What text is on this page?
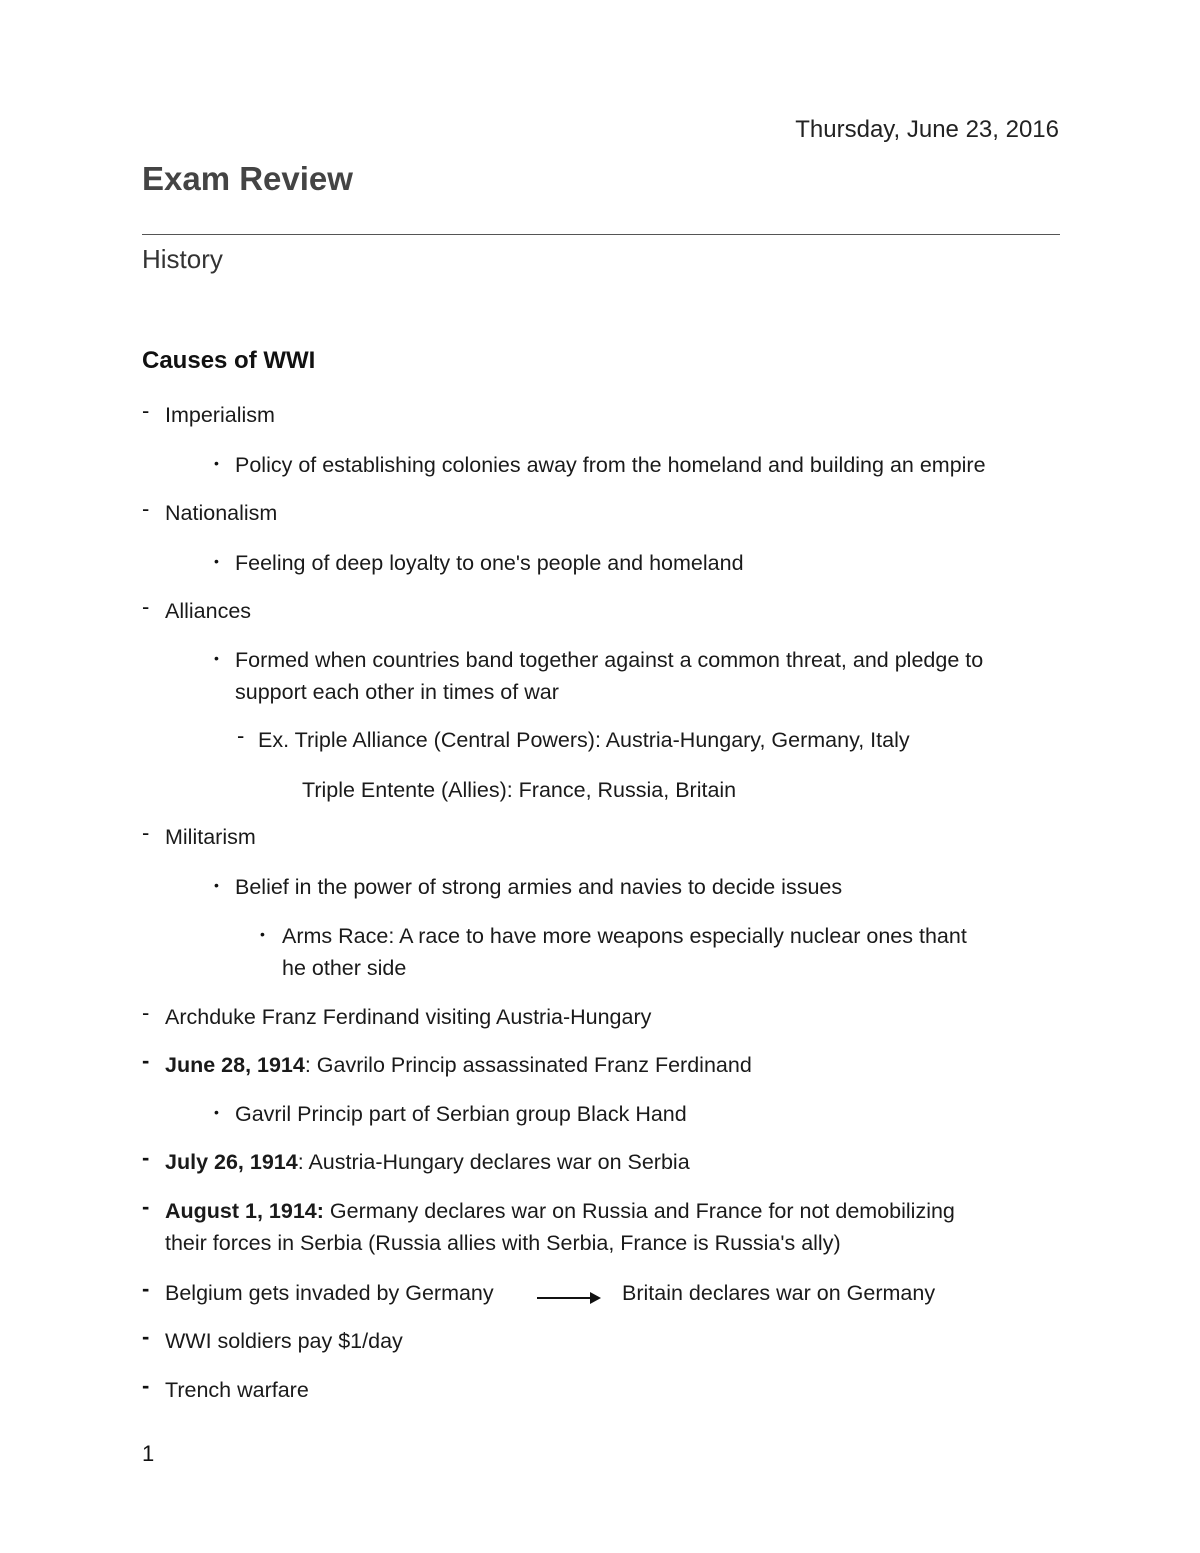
Thursday, June 23, 2016
Exam Review
History
Causes of WWI
- Imperialism
• Policy of establishing colonies away from the homeland and building an empire
- Nationalism
• Feeling of deep loyalty to one's people and homeland
- Alliances
• Formed when countries band together against a common threat, and pledge to
support each other in times of war
- Ex. Triple Alliance (Central Powers): Austria-Hungary, Germany, Italy
Triple Entente (Allies): France, Russia, Britain
- Militarism
• Belief in the power of strong armies and navies to decide issues
• Arms Race: A race to have more weapons especially nuclear ones thant
he other side
- Archduke Franz Ferdinand visiting Austria-Hungary
- June 28, 1914: Gavrilo Princip assassinated Franz Ferdinand
• Gavril Princip part of Serbian group Black Hand
- July 26, 1914: Austria-Hungary declares war on Serbia
- August 1, 1914: Germany declares war on Russia and France for not demobilizing
their forces in Serbia (Russia allies with Serbia, France is Russia's ally)
- Belgium gets invaded by Germany	Britain declares war on Germany
- WWI soldiers pay $1/day
- Trench warfare
1
